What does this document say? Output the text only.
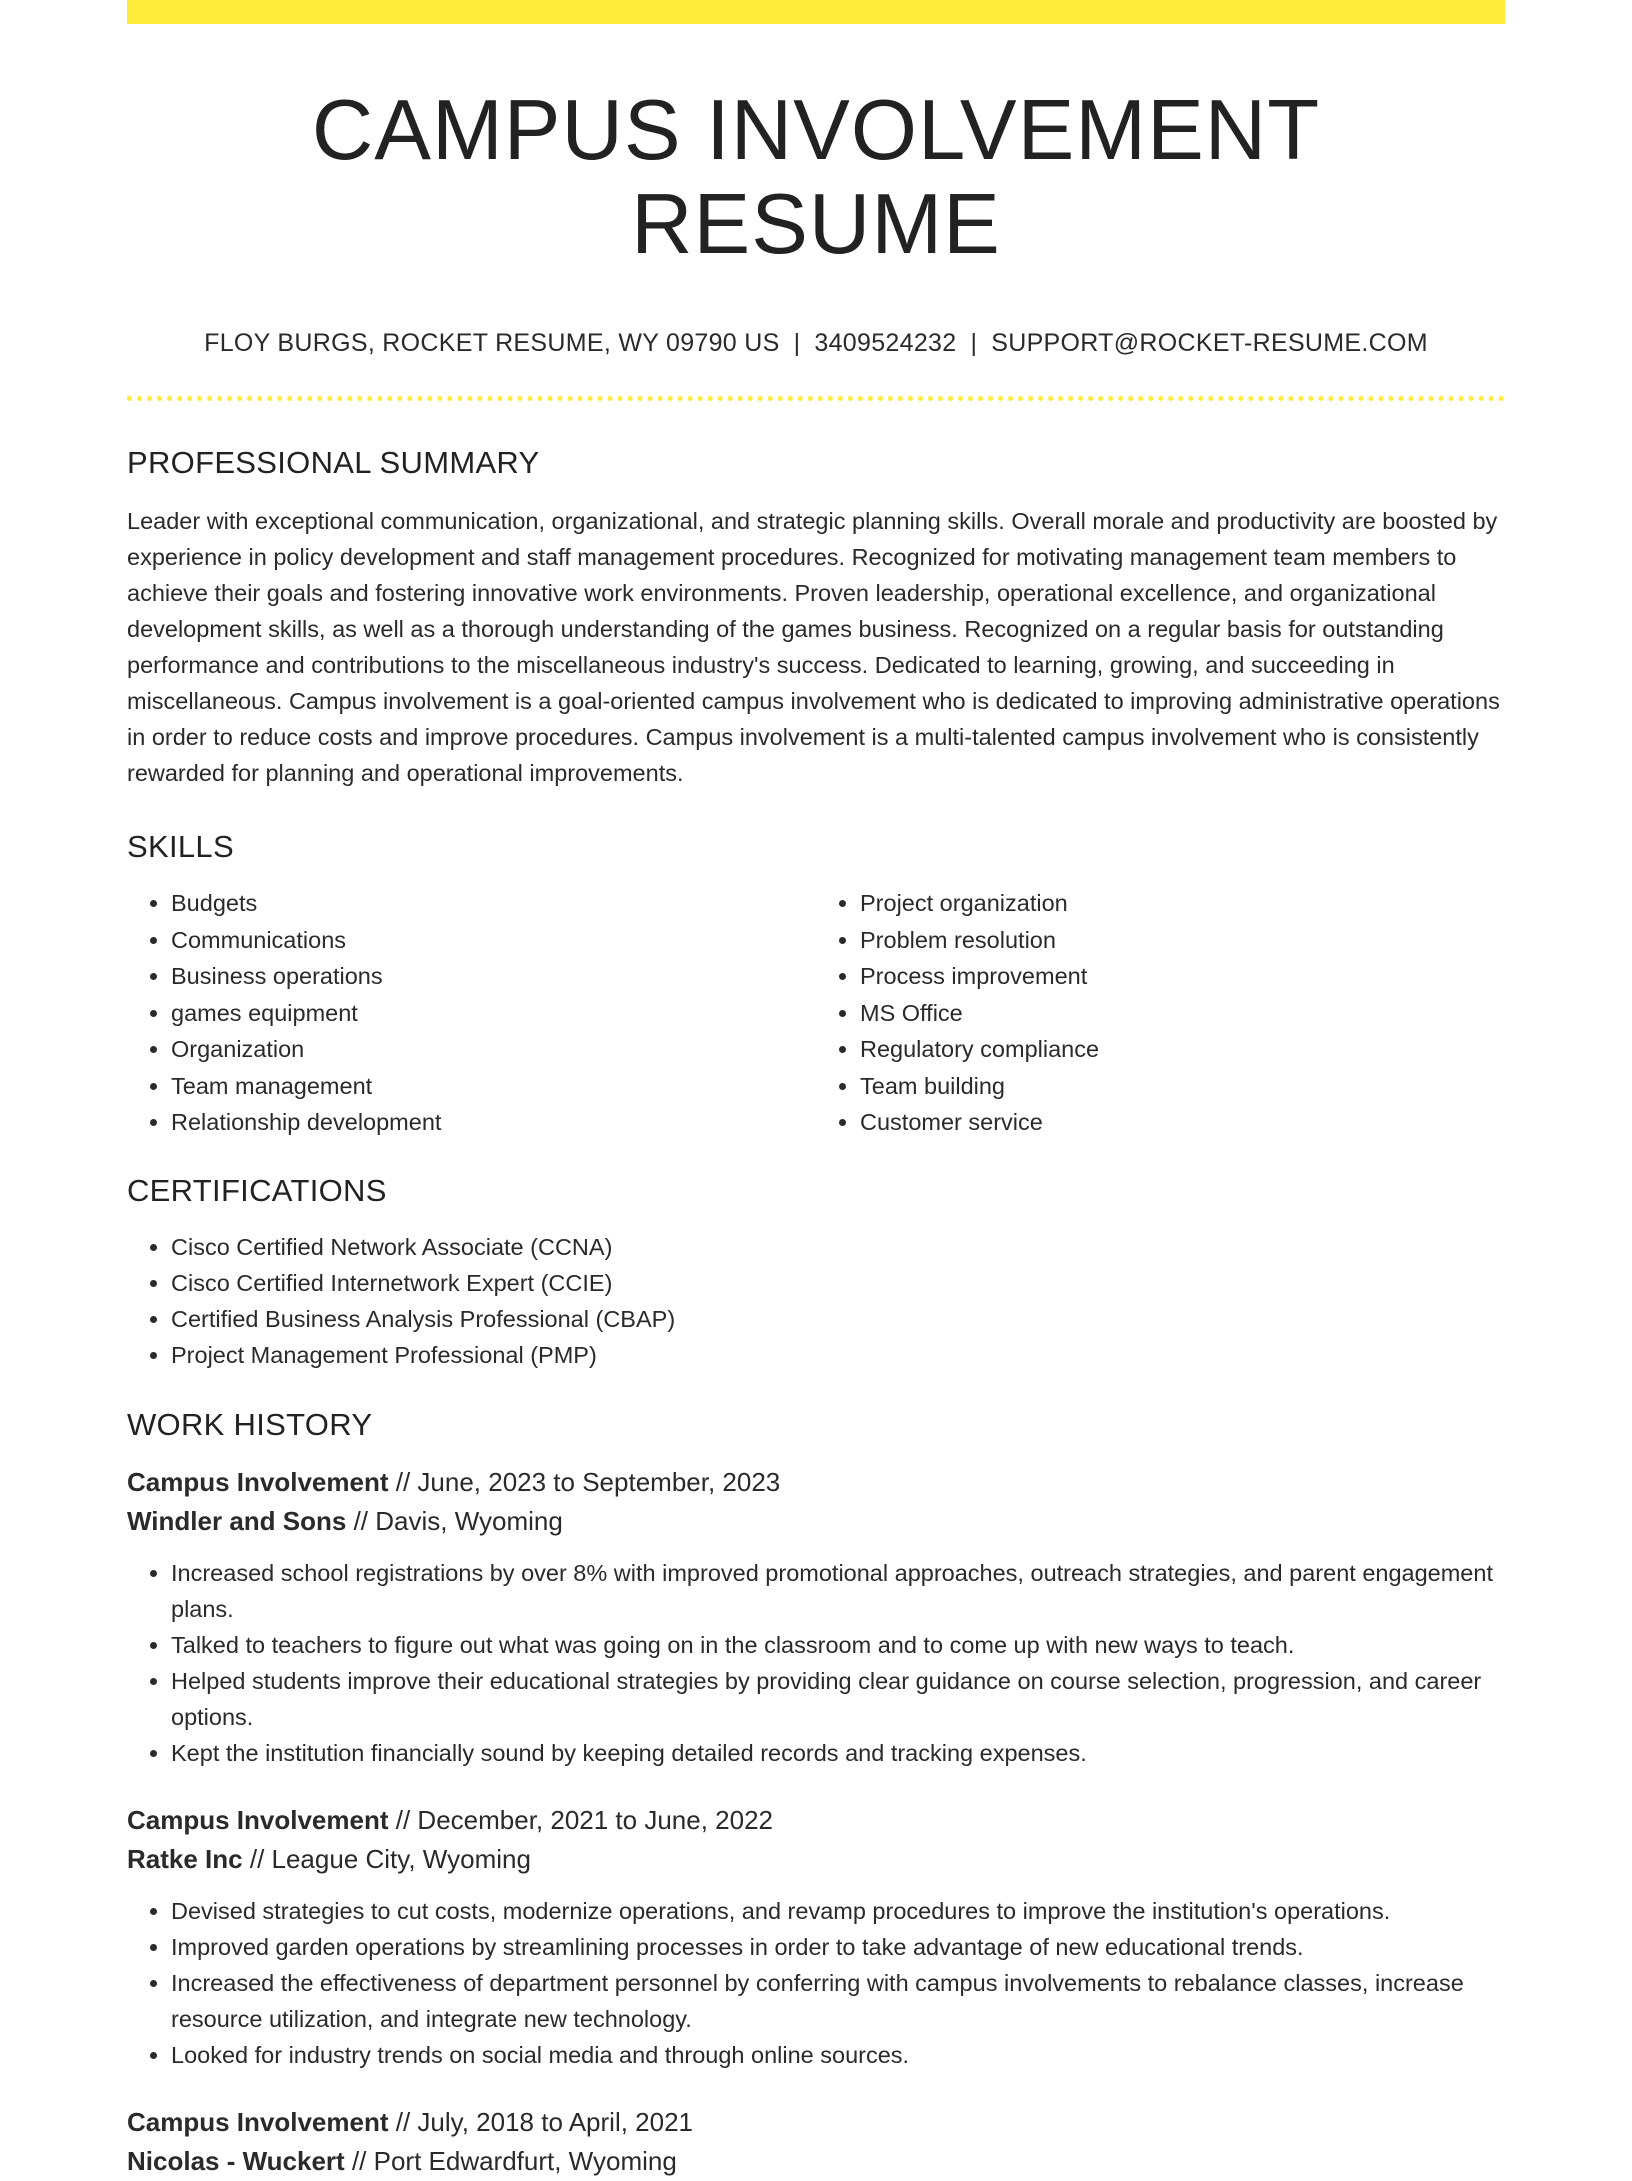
CAMPUS INVOLVEMENT RESUME
FLOY BURGS, ROCKET RESUME, WY 09790 US | 3409524232 | SUPPORT@ROCKET-RESUME.COM
PROFESSIONAL SUMMARY

Leader with exceptional communication, organizational, and strategic planning skills. Overall morale and productivity are boosted by experience in policy development and staff management procedures. Recognized for motivating management team members to achieve their goals and fostering innovative work environments. Proven leadership, operational excellence, and organizational development skills, as well as a thorough understanding of the games business. Recognized on a regular basis for outstanding performance and contributions to the miscellaneous industry's success. Dedicated to learning, growing, and succeeding in miscellaneous. Campus involvement is a goal-oriented campus involvement who is dedicated to improving administrative operations in order to reduce costs and improve procedures. Campus involvement is a multi-talented campus involvement who is consistently rewarded for planning and operational improvements.

SKILLS
• Budgets
• Communications
• Business operations
• games equipment
• Organization
• Team management
• Relationship development
• Project organization
• Problem resolution
• Process improvement
• MS Office
• Regulatory compliance
• Team building
• Customer service
CERTIFICATIONS
• Cisco Certified Network Associate (CCNA)
• Cisco Certified Internetwork Expert (CCIE)
• Certified Business Analysis Professional (CBAP)
• Project Management Professional (PMP)
WORK HISTORY
Campus Involvement // June, 2023 to September, 2023
Windler and Sons // Davis, Wyoming
• Increased school registrations by over 8% with improved promotional approaches, outreach strategies, and parent engagement plans.
• Talked to teachers to figure out what was going on in the classroom and to come up with new ways to teach.
• Helped students improve their educational strategies by providing clear guidance on course selection, progression, and career options.
• Kept the institution financially sound by keeping detailed records and tracking expenses.
Campus Involvement // December, 2021 to June, 2022
Ratke Inc // League City, Wyoming
• Devised strategies to cut costs, modernize operations, and revamp procedures to improve the institution's operations.
• Improved garden operations by streamlining processes in order to take advantage of new educational trends.
• Increased the effectiveness of department personnel by conferring with campus involvements to rebalance classes, increase resource utilization, and integrate new technology.
• Looked for industry trends on social media and through online sources.
Campus Involvement // July, 2018 to April, 2021
Nicolas - Wuckert // Port Edwardfurt, Wyoming
